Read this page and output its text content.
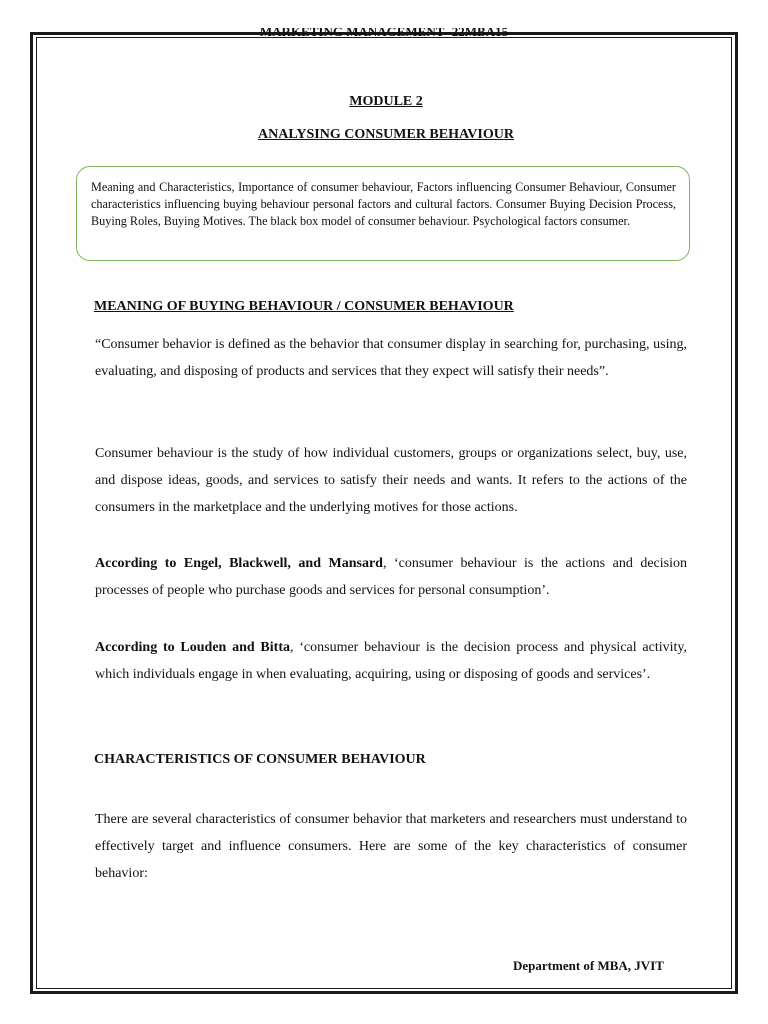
MARKETING MANAGEMENT -22MBA15
MODULE 2
ANALYSING CONSUMER BEHAVIOUR
Meaning and Characteristics, Importance of consumer behaviour, Factors influencing Consumer Behaviour, Consumer characteristics influencing buying behaviour personal factors and cultural factors. Consumer Buying Decision Process, Buying Roles, Buying Motives. The black box model of consumer behaviour. Psychological factors consumer.
MEANING OF BUYING BEHAVIOUR / CONSUMER BEHAVIOUR

“Consumer behavior is defined as the behavior that consumer display in searching for, purchasing, using, evaluating, and disposing of products and services that they expect will satisfy their needs”.

Consumer behaviour is the study of how individual customers, groups or organizations select, buy, use, and dispose ideas, goods, and services to satisfy their needs and wants. It refers to the actions of the consumers in the marketplace and the underlying motives for those actions.

According to Engel, Blackwell, and Mansard, ‘consumer behaviour is the actions and decision processes of people who purchase goods and services for personal consumption’.

According to Louden and Bitta, ‘consumer behaviour is the decision process and physical activity, which individuals engage in when evaluating, acquiring, using or disposing of goods and services’.

CHARACTERISTICS OF CONSUMER BEHAVIOUR

There are several characteristics of consumer behavior that marketers and researchers must understand to effectively target and influence consumers. Here are some of the key characteristics of consumer behavior:

Department of MBA, JVIT
